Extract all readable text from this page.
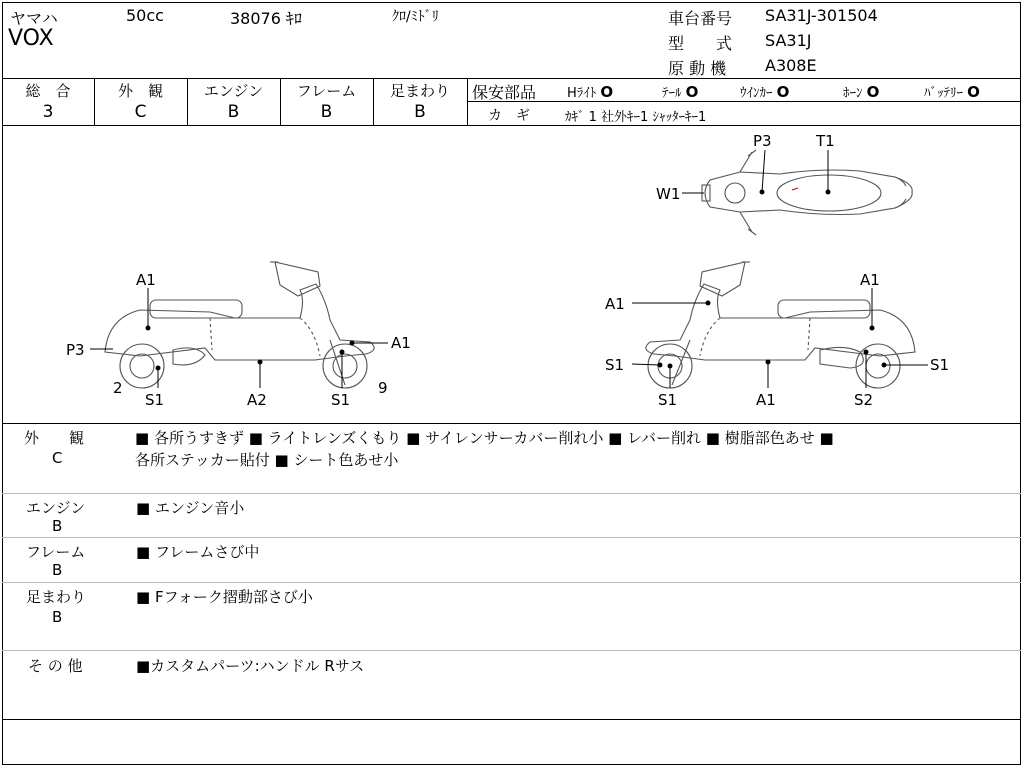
ヤマハ	50cc	38076 ｷﾛ	ｸﾛ/ﾐﾄﾞﾘ
VOX
車台番号 SA31J-301504
型　　式 SA31J
原 動 機 A308E
総　合
3
外　観
C
エンジン
B
フレーム
B
足まわり
B
保安部品 Hﾗｲﾄ O	ﾃｰﾙ O	ｳｲﾝｶｰ O	ﾎｰﾝ O	ﾊﾞｯﾃﾘｰ O
カ　ギ	ｶｷﾞ 1 社外ｷｰ1 ｼｬｯﾀｰｷｰ1
P3	T1
W1
A1
P3	A1
2
S1	A2	S1
9
A1
A1
S1	S1
S1	A1	S2
外　　観
C
■ 各所うすきず ■ ライトレンズくもり ■ サイレンサーカバー削れ小 ■ レバー削れ ■ 樹脂部色あせ ■
各所ステッカー貼付 ■ シート色あせ小
エンジン
B
■ エンジン音小
フレーム
B
■ フレームさび中
足まわり
B
■ Fフォーク摺動部さび小
そ の 他	■カスタムパーツ:ハンドル Rサス
